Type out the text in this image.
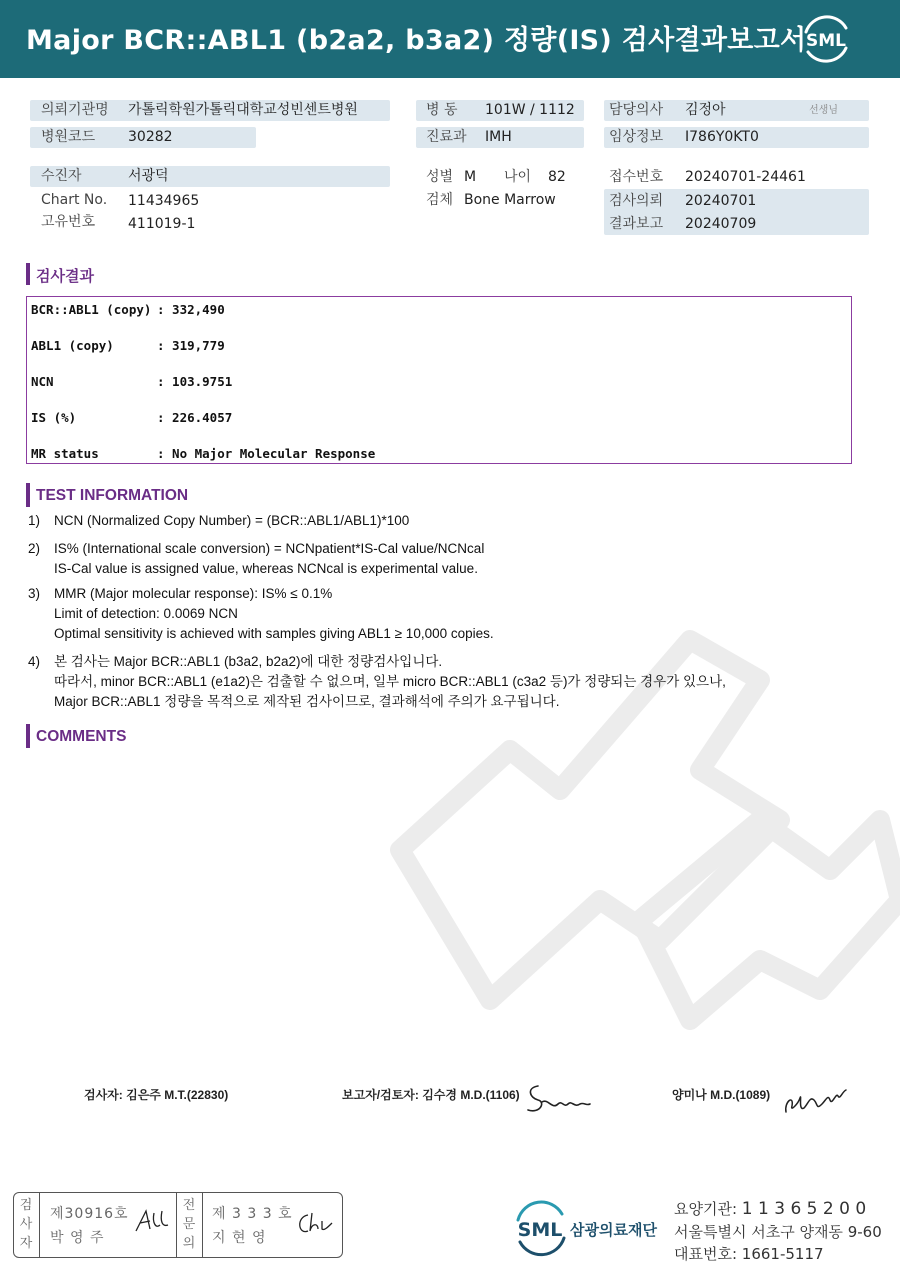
Major BCR::ABL1 (b2a2, b3a2) 정량(IS) 검사결과보고서 SML
의뢰기관명 가톨릭학원가톨릭대학교성빈센트병원
병원코드 30282
병 동 101W / 1112
진료과 IMH
담당의사 김정아	선생님
임상정보 I786Y0KT0
수진자	서광덕
Chart No. 11434965
고유번호 411019-1
성별 M 나이 82
검체 Bone Marrow
접수번호 20240701-24461
검사의뢰 20240701
결과보고 20240709
검사결과
BCR::ABL1 (copy) : 332,490
ABL1 (copy)	: 319,779
NCN	: 103.9751
IS (%)	: 226.4057
MR status	: No Major Molecular Response
TEST INFORMATION
1) NCN (Normalized Copy Number) = (BCR::ABL1/ABL1)*100
2) IS% (International scale conversion) = NCNpatient*IS-Cal value/NCNcal
IS-Cal value is assigned value, whereas NCNcal is experimental value.
3) MMR (Major molecular response): IS% ≤ 0.1%
Limit of detection: 0.0069 NCN
Optimal sensitivity is achieved with samples giving ABL1 ≥ 10,000 copies.
4) 본 검사는 Major BCR::ABL1 (b3a2, b2a2)에 대한 정량검사입니다.
따라서, minor BCR::ABL1 (e1a2)은 검출할 수 없으며, 일부 micro BCR::ABL1 (c3a2 등)가 정량되는 경우가 있으나,
Major BCR::ABL1 정량을 목적으로 제작된 검사이므로, 결과해석에 주의가 요구됩니다.
COMMENTS
검사자: 김은주 M.T.(22830)	보고자/검토자: 김수경 M.D.(1106)	양미나 M.D.(1089)
검
사
자
제30916호
박 영 주
전
문
의
제 3 3 3 호
지 현 영	SML 삼광의료재단
요양기관: 1 1 3 6 5 2 0 0
서울특별시 서초구 양재동 9-60
대표번호: 1661-5117
